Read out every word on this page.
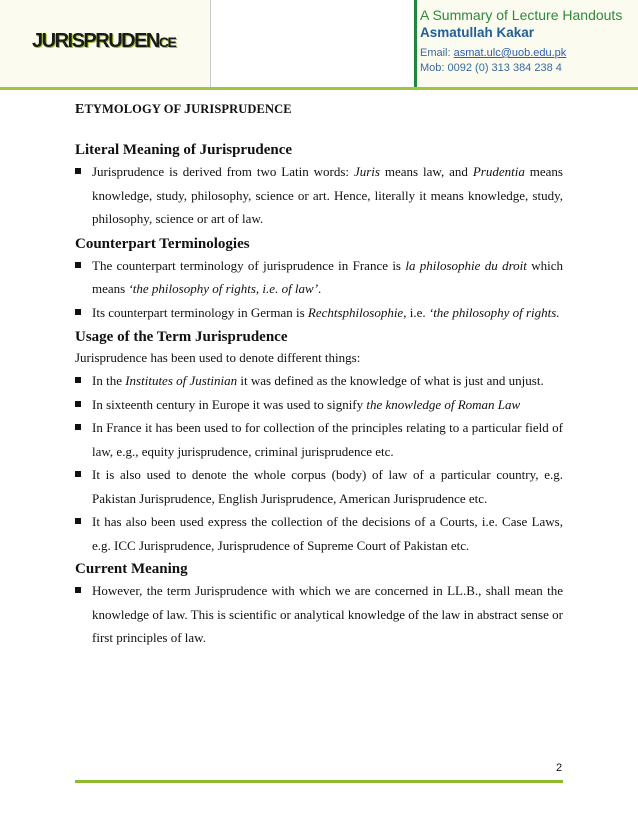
JURISPRUDENCE
A Summary of Lecture Handouts
Asmatullah Kakar
Email: asmat.ulc@uob.edu.pk
Mob: 0092 (0) 313 384 238 4
ETYMOLOGY OF JURISPRUDENCE
Literal Meaning of Jurisprudence
Jurisprudence is derived from two Latin words: Juris means law, and Prudentia means knowledge, study, philosophy, science or art. Hence, literally it means knowledge, study, philosophy, science or art of law.
Counterpart Terminologies
The counterpart terminology of jurisprudence in France is la philosophie du droit which means ‘the philosophy of rights, i.e. of law’.
Its counterpart terminology in German is Rechtsphilosophie, i.e. ‘the philosophy of rights.
Usage of the Term Jurisprudence

Jurisprudence has been used to denote different things:

In the Institutes of Justinian it was defined as the knowledge of what is just and unjust.
In sixteenth century in Europe it was used to signify the knowledge of Roman Law
In France it has been used to for collection of the principles relating to a particular field of law, e.g., equity jurisprudence, criminal jurisprudence etc.
It is also used to denote the whole corpus (body) of law of a particular country, e.g. Pakistan Jurisprudence, English Jurisprudence, American Jurisprudence etc.
It has also been used express the collection of the decisions of a Courts, i.e. Case Laws, e.g. ICC Jurisprudence, Jurisprudence of Supreme Court of Pakistan etc.
Current Meaning
However, the term Jurisprudence with which we are concerned in LL.B., shall mean the knowledge of law. This is scientific or analytical knowledge of the law in abstract sense or first principles of law.
2
